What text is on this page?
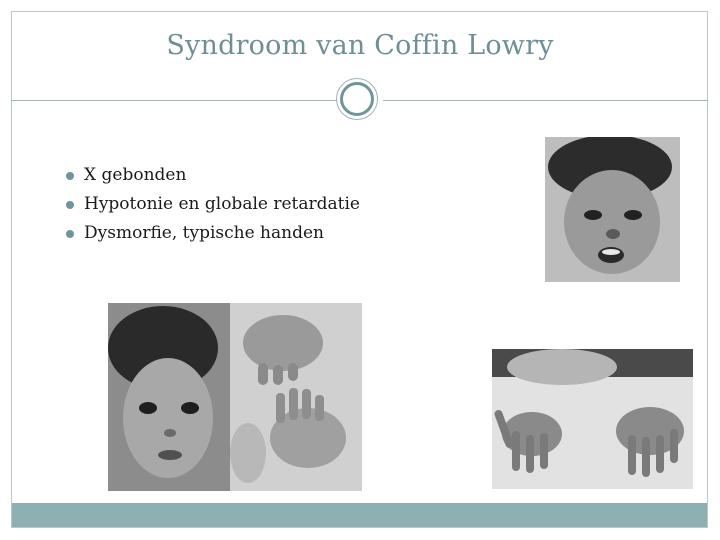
Syndroom van Coffin Lowry
X gebonden
Hypotonie en globale retardatie
Dysmorfie, typische handen
